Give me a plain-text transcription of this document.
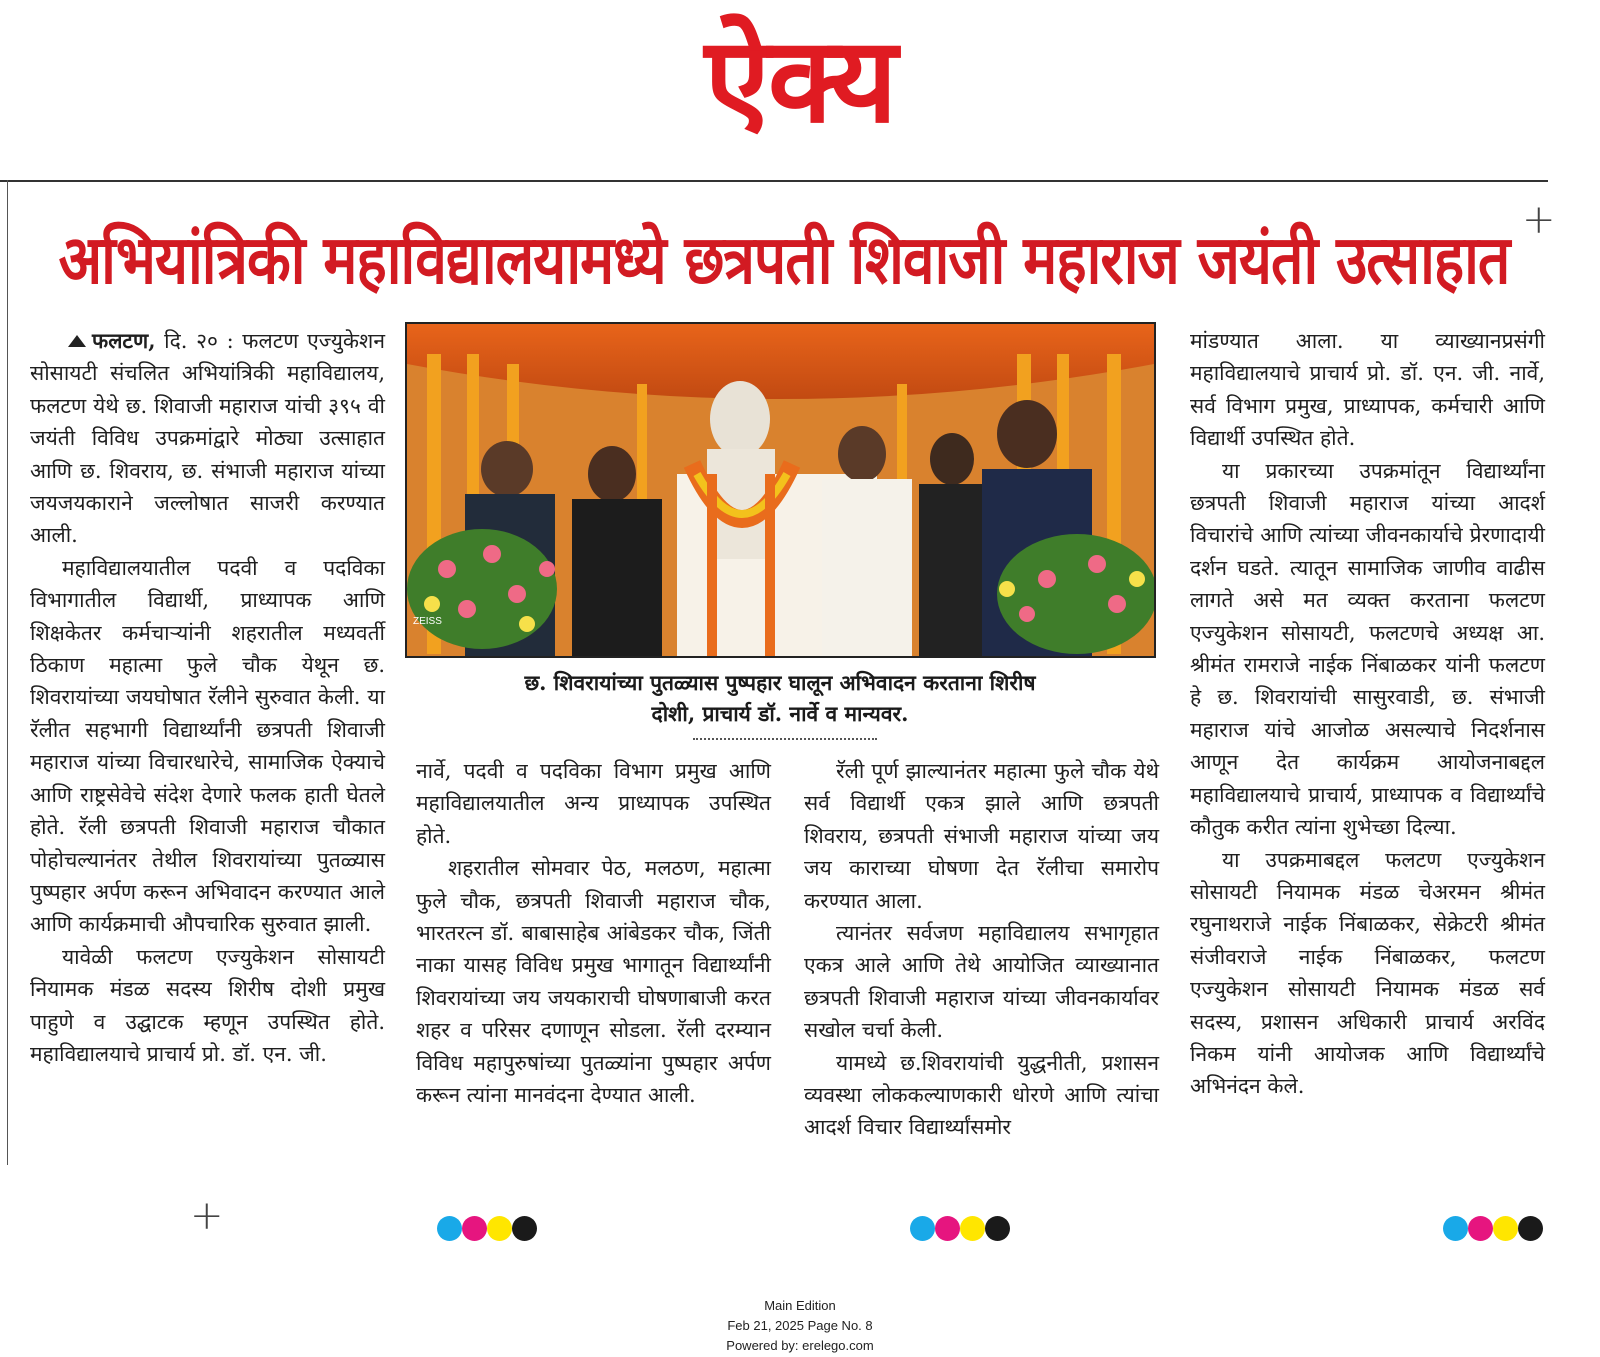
ऐक्य
+
+
अभियांत्रिकी महाविद्यालयामध्ये छत्रपती शिवाजी महाराज जयंती उत्साहात

फलटण, दि. २० : फलटण एज्युकेशन सोसायटी संचलित अभियांत्रिकी महाविद्यालय, फलटण येथे छ. शिवाजी महाराज यांची ३९५ वी जयंती विविध उपक्रमांद्वारे मोठ्या उत्साहात आणि छ. शिवराय, छ. संभाजी महाराज यांच्या जयजयकाराने जल्लोषात साजरी करण्यात आली.

महाविद्यालयातील पदवी व पदविका विभागातील विद्यार्थी, प्राध्यापक आणि शिक्षकेतर कर्मचाऱ्यांनी शहरातील मध्यवर्ती ठिकाण महात्मा फुले चौक येथून छ. शिवरायांच्या जयघोषात रॅलीने सुरुवात केली. या रॅलीत सहभागी विद्यार्थ्यांनी छत्रपती शिवाजी महाराज यांच्या विचारधारेचे, सामाजिक ऐक्याचे आणि राष्ट्रसेवेचे संदेश देणारे फलक हाती घेतले होते. रॅली छत्रपती शिवाजी महाराज चौकात पोहोचल्यानंतर तेथील शिवरायांच्या पुतळ्यास पुष्पहार अर्पण करून अभिवादन करण्यात आले आणि कार्यक्रमाची औपचारिक सुरुवात झाली.

यावेळी फलटण एज्युकेशन सोसायटी नियामक मंडळ सदस्य शिरीष दोशी प्रमुख पाहुणे व उद्घाटक म्हणून उपस्थित होते. महाविद्यालयाचे प्राचार्य प्रो. डॉ. एन. जी.

ZEISS
छ. शिवरायांच्या पुतळ्यास पुष्पहार घालून अभिवादन करताना शिरीष
दोशी, प्राचार्य डॉ. नार्वे व मान्यवर.

नार्वे, पदवी व पदविका विभाग प्रमुख आणि महाविद्यालयातील अन्य प्राध्यापक उपस्थित होते.

शहरातील सोमवार पेठ, मलठण, महात्मा फुले चौक, छत्रपती शिवाजी महाराज चौक, भारतरत्न डॉ. बाबासाहेब आंबेडकर चौक, जिंती नाका यासह विविध प्रमुख भागातून विद्यार्थ्यांनी शिवरायांच्या जय जयकाराची घोषणाबाजी करत शहर व परिसर दणाणून सोडला. रॅली दरम्यान विविध महापुरुषांच्या पुतळ्यांना पुष्पहार अर्पण करून त्यांना मानवंदना देण्यात आली.

रॅली पूर्ण झाल्यानंतर महात्मा फुले चौक येथे सर्व विद्यार्थी एकत्र झाले आणि छत्रपती शिवराय, छत्रपती संभाजी महाराज यांच्या जय जय काराच्या घोषणा देत रॅलीचा समारोप करण्यात आला.

त्यानंतर सर्वजण महाविद्यालय सभागृहात एकत्र आले आणि तेथे आयोजित व्याख्यानात छत्रपती शिवाजी महाराज यांच्या जीवनकार्यावर सखोल चर्चा केली.

यामध्ये छ.शिवरायांची युद्धनीती, प्रशासन व्यवस्था लोककल्याणकारी धोरणे आणि त्यांचा आदर्श विचार विद्यार्थ्यांसमोर

मांडण्यात आला. या व्याख्यानप्रसंगी महाविद्यालयाचे प्राचार्य प्रो. डॉ. एन. जी. नार्वे, सर्व विभाग प्रमुख, प्राध्यापक, कर्मचारी आणि विद्यार्थी उपस्थित होते.

या प्रकारच्या उपक्रमांतून विद्यार्थ्यांना छत्रपती शिवाजी महाराज यांच्या आदर्श विचारांचे आणि त्यांच्या जीवनकार्याचे प्रेरणादायी दर्शन घडते. त्यातून सामाजिक जाणीव वाढीस लागते असे मत व्यक्त करताना फलटण एज्युकेशन सोसायटी, फलटणचे अध्यक्ष आ. श्रीमंत रामराजे नाईक निंबाळकर यांनी फलटण हे छ. शिवरायांची सासुरवाडी, छ. संभाजी महाराज यांचे आजोळ असल्याचे निदर्शनास आणून देत कार्यक्रम आयोजनाबद्दल महाविद्यालयाचे प्राचार्य, प्राध्यापक व विद्यार्थ्यांचे कौतुक करीत त्यांना शुभेच्छा दिल्या.

या उपक्रमाबद्दल फलटण एज्युकेशन सोसायटी नियामक मंडळ चेअरमन श्रीमंत रघुनाथराजे नाईक निंबाळकर, सेक्रेटरी श्रीमंत संजीवराजे नाईक निंबाळकर, फलटण एज्युकेशन सोसायटी नियामक मंडळ सर्व सदस्य, प्रशासन अधिकारी प्राचार्य अरविंद निकम यांनी आयोजक आणि विद्यार्थ्यांचे अभिनंदन केले.

Main Edition
Feb 21, 2025 Page No. 8
Powered by: erelego.com
